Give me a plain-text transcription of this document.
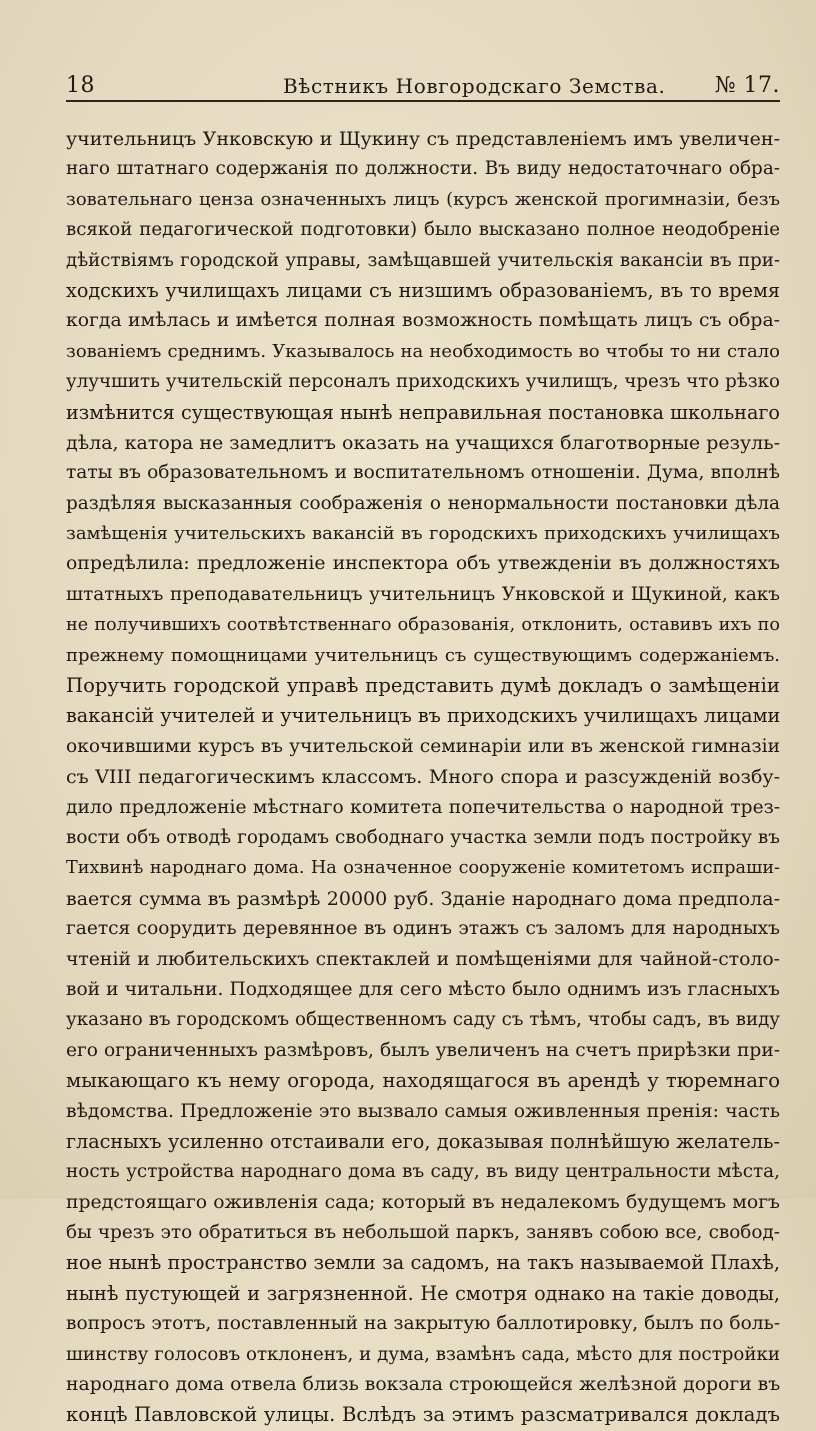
18	Вѣстникъ Новгородскаго Земства. № 17.
учительницъ Унковскую и Щукину съ представленіемъ имъ увеличен-
наго штатнаго содержанія по должности. Въ виду недостаточнаго обра-
зовательнаго ценза означенныхъ лицъ (курсъ женской прогимназіи, безъ
всякой педагогической подготовки) было высказано полное неодобреніе
дѣйствіямъ городской управы, замѣщавшей учительскія вакансіи въ при-
ходскихъ училищахъ лицами съ низшимъ образованіемъ, въ то время
когда имѣлась и имѣется полная возможность помѣщать лицъ съ обра-
зованіемъ среднимъ. Указывалось на необходимость во чтобы то ни стало
улучшить учительскій персоналъ приходскихъ училищъ, чрезъ что рѣзко
измѣнится существующая нынѣ неправильная постановка школьнаго
дѣла, катора не замедлитъ оказать на учащихся благотворные резуль-
таты въ образовательномъ и воспитательномъ отношеніи. Дума, вполнѣ
раздѣляя высказанныя соображенія о ненормальности постановки дѣла
замѣщенія учительскихъ вакансій въ городскихъ приходскихъ училищахъ
опредѣлила: предложеніе инспектора объ утвежденіи въ должностяхъ
штатныхъ преподавательницъ учительницъ Унковской и Щукиной, какъ
не получившихъ соотвѣтственнаго образованія, отклонить, оставивъ ихъ по
прежнему помощницами учительницъ съ существующимъ содержаніемъ.
Поручить городской управѣ представить думѣ докладъ о замѣщеніи
вакансій учителей и учительницъ въ приходскихъ училищахъ лицами
окочившими курсъ въ учительской семинаріи или въ женской гимназіи
съ VIII педагогическимъ классомъ. Много спора и разсужденій возбу-
дило предложеніе мѣстнаго комитета попечительства о народной трез-
вости объ отводѣ городамъ свободнаго участка земли подъ постройку въ
Тихвинѣ народнаго дома. На означенное сооруженіе комитетомъ испраши-
вается сумма въ размѣрѣ 20000 руб. Зданіе народнаго дома предпола-
гается соорудить деревянное въ одинъ этажъ съ заломъ для народныхъ
чтеній и любительскихъ спектаклей и помѣщеніями для чайной-столо-
вой и читальни. Подходящее для сего мѣсто было однимъ изъ гласныхъ
указано въ городскомъ общественномъ саду съ тѣмъ, чтобы садъ, въ виду
его ограниченныхъ размѣровъ, былъ увеличенъ на счетъ прирѣзки при-
мыкающаго къ нему огорода, находящагося въ арендѣ у тюремнаго
вѣдомства. Предложеніе это вызвало самыя оживленныя пренія: часть
гласныхъ усиленно отстаивали его, доказывая полнѣйшую желатель-
ность устройства народнаго дома въ саду, въ виду центральности мѣста,
предстоящаго оживленія сада; который въ недалекомъ будущемъ могъ
бы чрезъ это обратиться въ небольшой паркъ, занявъ собою все, свобод-
ное нынѣ пространство земли за садомъ, на такъ называемой Плахѣ,
нынѣ пустующей и загрязненной. Не смотря однако на такіе доводы,
вопросъ этотъ, поставленный на закрытую баллотировку, былъ по боль-
шинству голосовъ отклоненъ, и дума, взамѣнъ сада, мѣсто для постройки
народнаго дома отвела близь вокзала строющейся желѣзной дороги въ
концѣ Павловской улицы. Вслѣдъ за этимъ разсматривался докладъ
